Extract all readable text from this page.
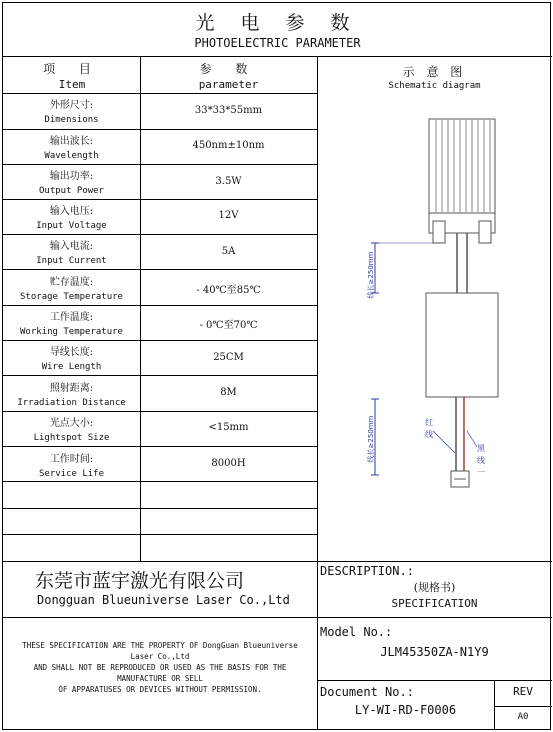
光 电 参 数
PHOTOELECTRIC PARAMETER
项 目
Item
参 数
parameter
示 意 图
Schematic diagram
外形尺寸:
Dimensions
33*33*55mm
输出波长:
Wavelength
450nm±10nm
输出功率:
Output Power
3.5W
输入电压:
Input Voltage
12V
输入电流:
Input Current
5A
贮存温度:
Storage Temperature
- 40℃至85℃
工作温度:
Working Temperature
- 0℃至70℃
导线长度:
Wire Length
25CM
照射距离:
Irradiation Distance
8M
光点大小:
Lightspot Size
<15mm
工作时间:
Service Life
8000H
线长≥250mm
线长≥250mm	红 线
黑 线 一
东莞市蓝宇激光有限公司
Dongguan Blueuniverse Laser Co.,Ltd
DESCRIPTION.:
(规格书)
SPECIFICATION
THESE SPECIFICATION ARE THE PROPERTY OF DongGuan Blueuniverse
Laser Co.,Ltd
AND SHALL NOT BE REPRODUCED OR USED AS THE BASIS FOR THE
MANUFACTURE OR SELL
OF APPARATUSES OR DEVICES WITHOUT PERMISSION.
Model No.:
JLM45350ZA-N1Y9
Document No.:
LY-WI-RD-F0006
REV
A0
